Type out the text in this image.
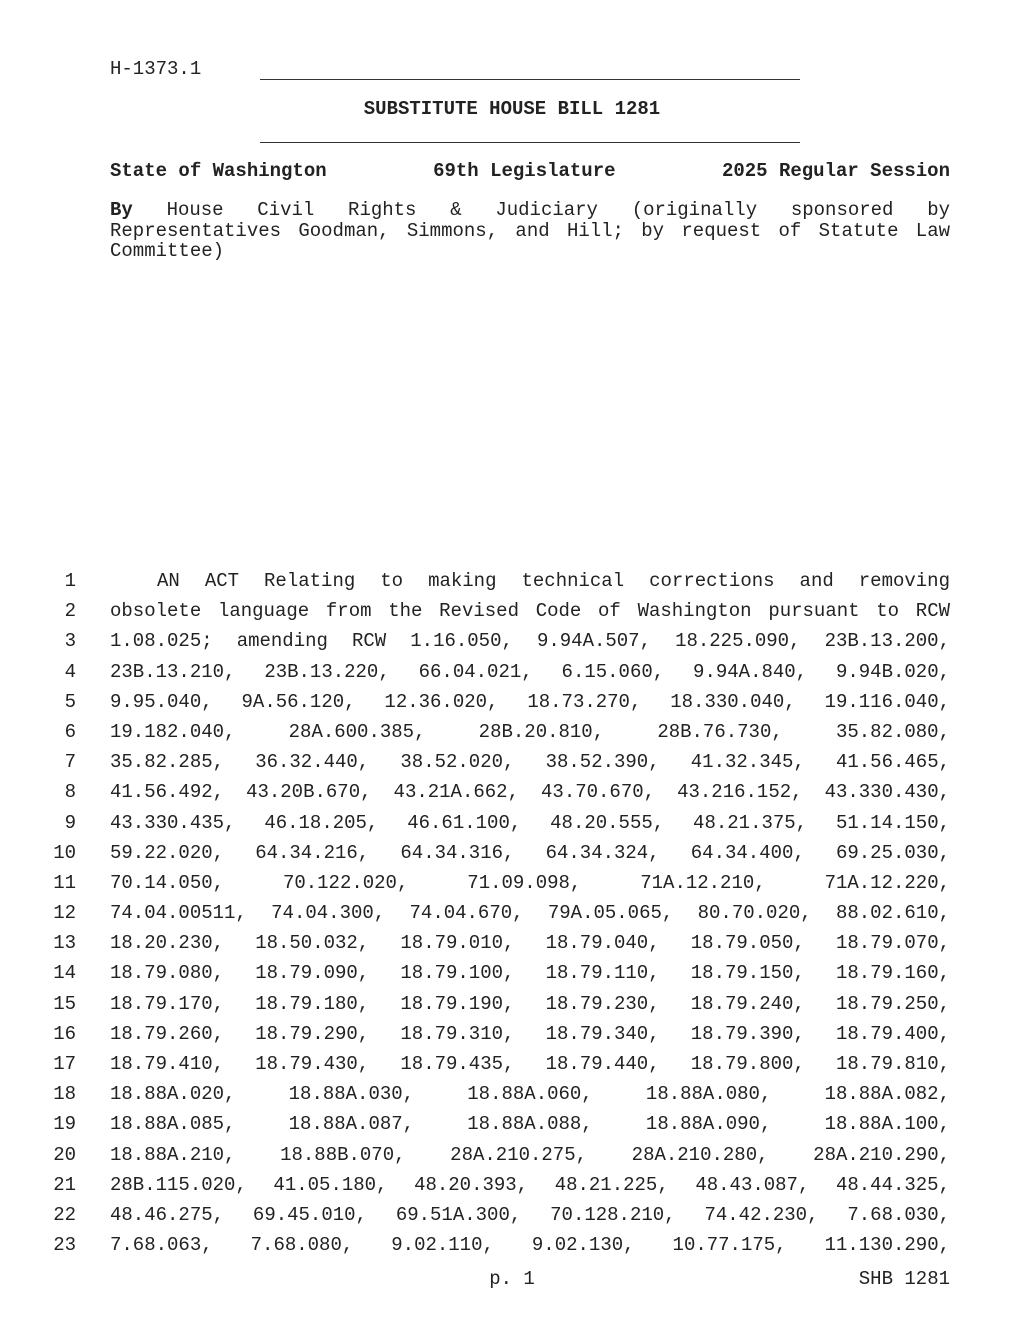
H-1373.1
SUBSTITUTE HOUSE BILL 1281
State of Washington	69th Legislature	2025 Regular Session
By House Civil Rights & Judiciary (originally sponsored by
Representatives Goodman, Simmons, and Hill; by request of Statute Law
Committee)
1	AN ACT Relating to making technical corrections and removing
2 obsolete language from the Revised Code of Washington pursuant to RCW
3 1.08.025; amending RCW 1.16.050, 9.94A.507, 18.225.090, 23B.13.200,
4 23B.13.210, 23B.13.220, 66.04.021, 6.15.060, 9.94A.840, 9.94B.020,
5 9.95.040, 9A.56.120, 12.36.020, 18.73.270, 18.330.040, 19.116.040,
6 19.182.040, 28A.600.385, 28B.20.810, 28B.76.730, 35.82.080,
7 35.82.285, 36.32.440, 38.52.020, 38.52.390, 41.32.345, 41.56.465,
8 41.56.492, 43.20B.670, 43.21A.662, 43.70.670, 43.216.152, 43.330.430,
9 43.330.435, 46.18.205, 46.61.100, 48.20.555, 48.21.375, 51.14.150,
10 59.22.020, 64.34.216, 64.34.316, 64.34.324, 64.34.400, 69.25.030,
11 70.14.050, 70.122.020, 71.09.098, 71A.12.210, 71A.12.220,
12 74.04.00511, 74.04.300, 74.04.670, 79A.05.065, 80.70.020, 88.02.610,
13 18.20.230, 18.50.032, 18.79.010, 18.79.040, 18.79.050, 18.79.070,
14 18.79.080, 18.79.090, 18.79.100, 18.79.110, 18.79.150, 18.79.160,
15 18.79.170, 18.79.180, 18.79.190, 18.79.230, 18.79.240, 18.79.250,
16 18.79.260, 18.79.290, 18.79.310, 18.79.340, 18.79.390, 18.79.400,
17 18.79.410, 18.79.430, 18.79.435, 18.79.440, 18.79.800, 18.79.810,
18 18.88A.020, 18.88A.030, 18.88A.060, 18.88A.080, 18.88A.082,
19 18.88A.085, 18.88A.087, 18.88A.088, 18.88A.090, 18.88A.100,
20 18.88A.210, 18.88B.070, 28A.210.275, 28A.210.280, 28A.210.290,
21 28B.115.020, 41.05.180, 48.20.393, 48.21.225, 48.43.087, 48.44.325,
22 48.46.275, 69.45.010, 69.51A.300, 70.128.210, 74.42.230, 7.68.030,
23 7.68.063, 7.68.080, 9.02.110, 9.02.130, 10.77.175, 11.130.290,
p. 1	SHB 1281
